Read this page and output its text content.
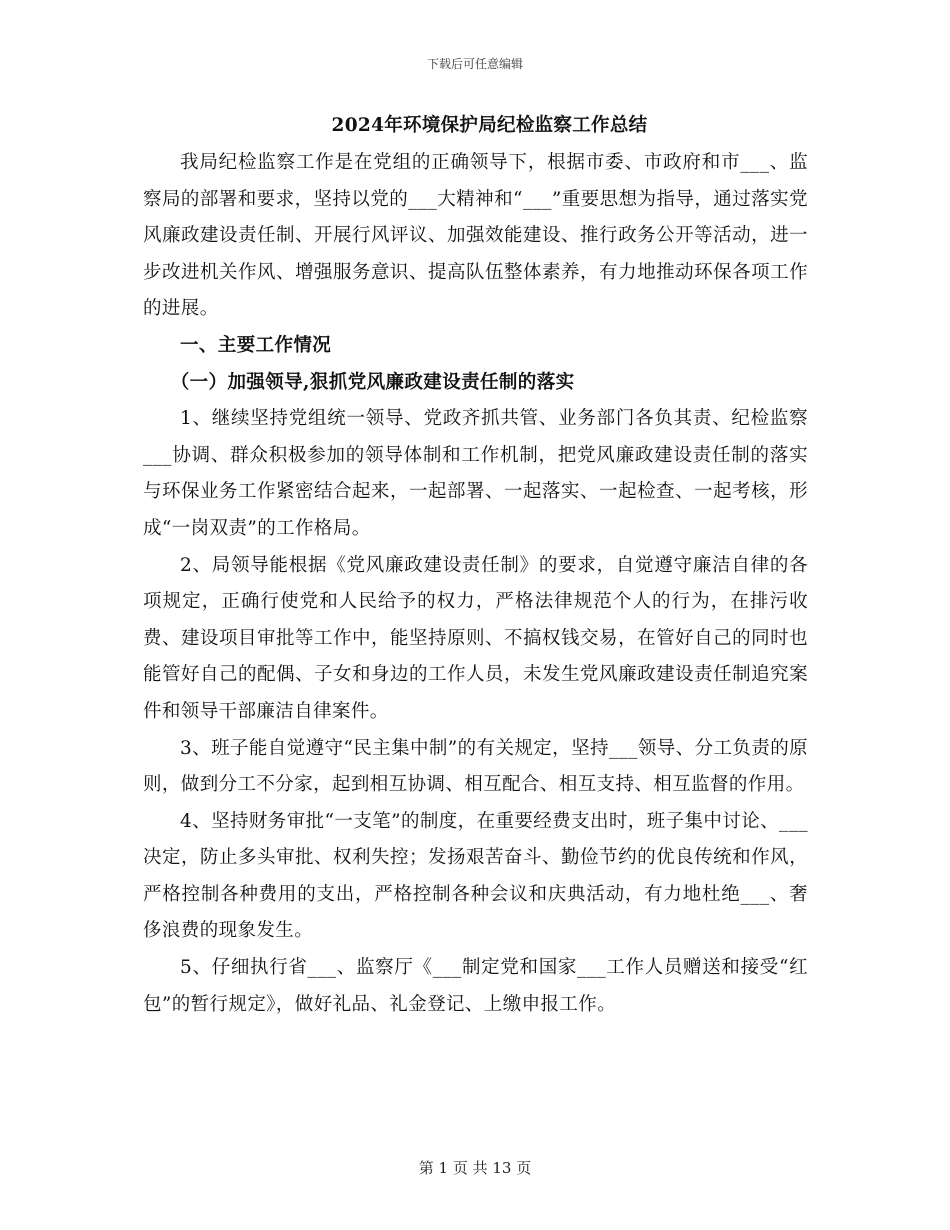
下载后可任意编辑
2024年环境保护局纪检监察工作总结

我局纪检监察工作是在党组的正确领导下，根据市委、市政府和市___、监察局的部署和要求，坚持以党的___大精神和“___”重要思想为指导，通过落实党风廉政建设责任制、开展行风评议、加强效能建设、推行政务公开等活动，进一步改进机关作风、增强服务意识、提高队伍整体素养，有力地推动环保各项工作的进展。

一、主要工作情况

（一）加强领导,狠抓党风廉政建设责任制的落实

1、继续坚持党组统一领导、党政齐抓共管、业务部门各负其责、纪检监察___协调、群众积极参加的领导体制和工作机制，把党风廉政建设责任制的落实与环保业务工作紧密结合起来，一起部署、一起落实、一起检查、一起考核，形成“一岗双责”的工作格局。

2、局领导能根据《党风廉政建设责任制》的要求，自觉遵守廉洁自律的各项规定，正确行使党和人民给予的权力，严格法律规范个人的行为，在排污收费、建设项目审批等工作中，能坚持原则、不搞权钱交易，在管好自己的同时也能管好自己的配偶、子女和身边的工作人员，未发生党风廉政建设责任制追究案件和领导干部廉洁自律案件。

3、班子能自觉遵守“民主集中制”的有关规定，坚持___领导、分工负责的原则，做到分工不分家，起到相互协调、相互配合、相互支持、相互监督的作用。

4、坚持财务审批“一支笔”的制度，在重要经费支出时，班子集中讨论、___决定，防止多头审批、权利失控；发扬艰苦奋斗、勤俭节约的优良传统和作风，严格控制各种费用的支出，严格控制各种会议和庆典活动，有力地杜绝___、奢侈浪费的现象发生。

5、仔细执行省___、监察厅《___制定党和国家___工作人员赠送和接受“红包”的暂行规定》，做好礼品、礼金登记、上缴申报工作。

第 1 页 共 13 页
